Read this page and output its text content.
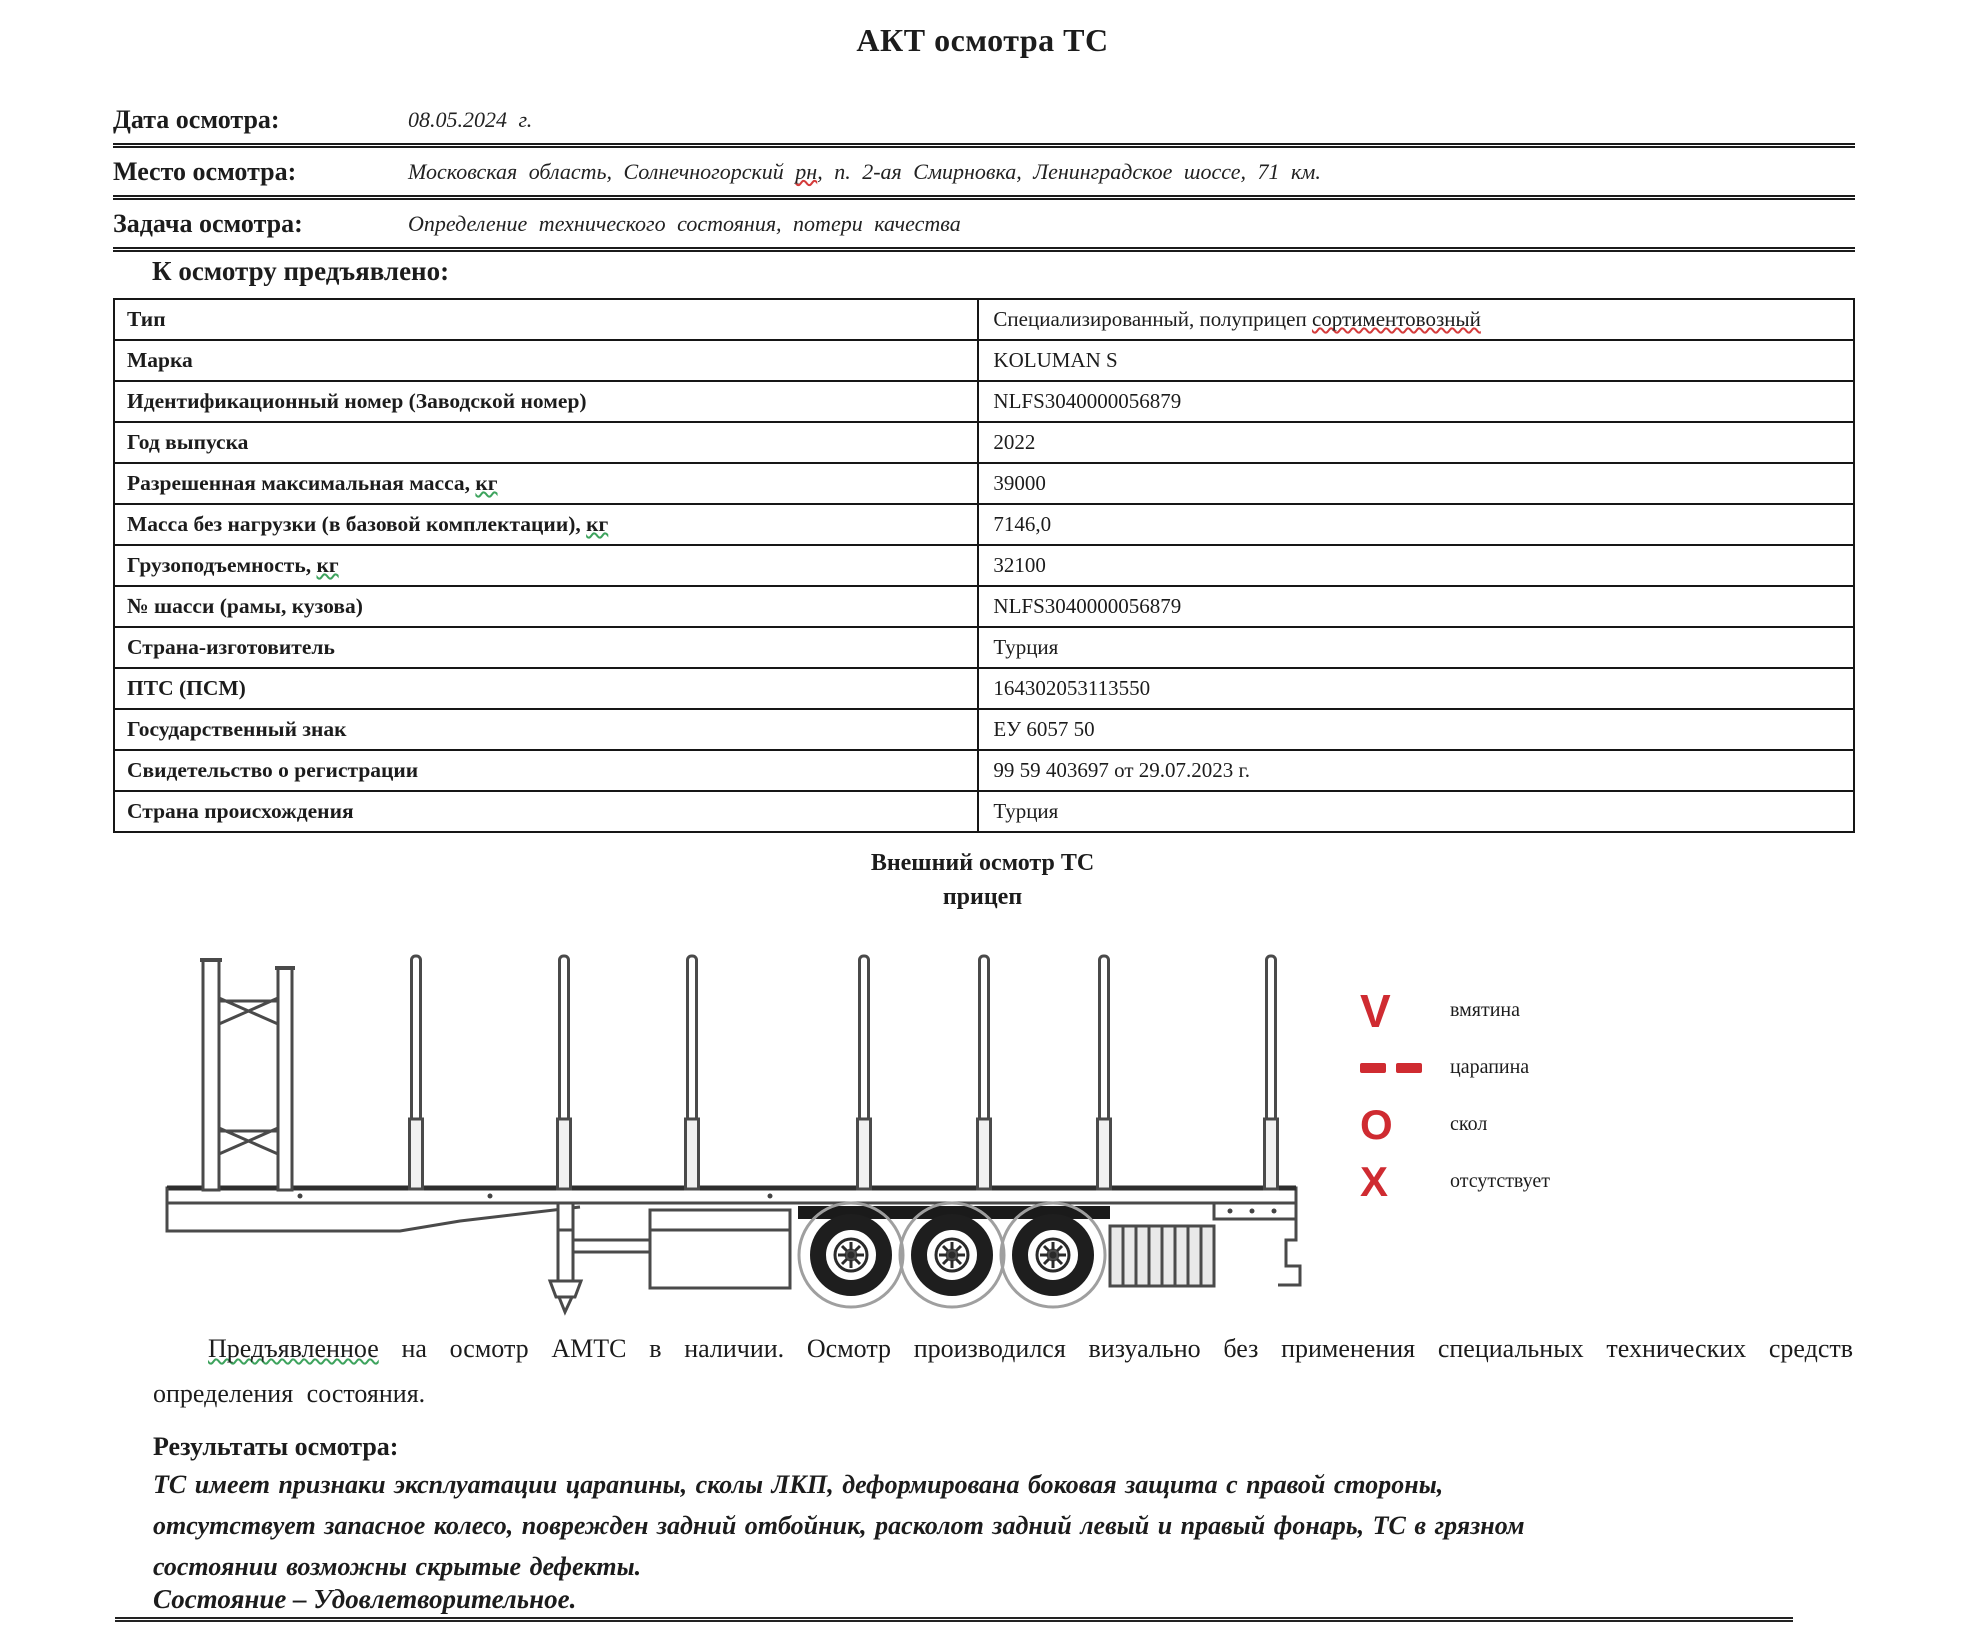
АКТ осмотра ТС
Дата осмотра:	08.05.2024 г.
Место осмотра:	Московская область, Солнечногорский рн, п. 2-ая Смирновка, Ленинградское шоссе, 71 км.
Задача осмотра:	Определение технического состояния, потери качества
К осмотру предъявлено:
Тип	Специализированный, полуприцеп сортиментовозный
Марка	KOLUMAN S
Идентификационный номер (Заводской номер)	NLFS3040000056879
Год выпуска	2022
Разрешенная максимальная масса, кг	39000
Масса без нагрузки (в базовой комплектации), кг	7146,0
Грузоподъемность, кг	32100
№ шасси (рамы, кузова)	NLFS3040000056879
Страна-изготовитель	Турция
ПТС (ПСМ)	164302053113550
Государственный знак	ЕУ 6057 50
Свидетельство о регистрации	99 59 403697 от 29.07.2023 г.
Страна происхождения	Турция
Внешний осмотр ТС
прицеп
V	вмятина
царапина
O	скол
X	отсутствует
Предъявленное на осмотр АМТС в наличии. Осмотр производился визуально без применения специальных технических средств определения состояния.
Результаты осмотра:
ТС имеет признаки эксплуатации царапины, сколы ЛКП, деформирована боковая защита с правой стороны, отсутствует запасное колесо, поврежден задний отбойник, расколот задний левый и правый фонарь, ТС в грязном состоянии возможны скрытые дефекты.
Состояние – Удовлетворительное.
